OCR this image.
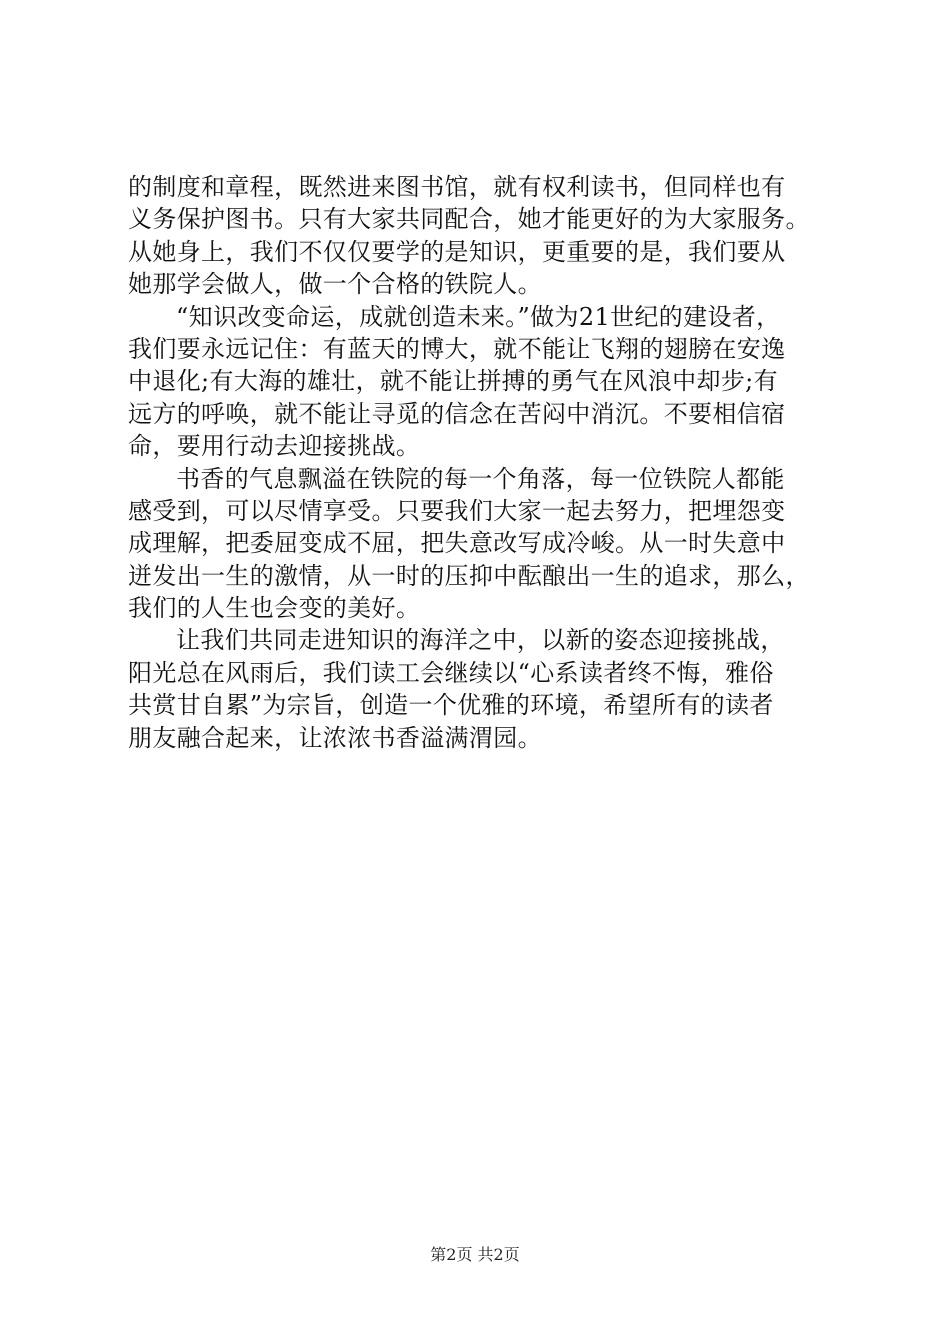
的制度和章程，既然进来图书馆，就有权利读书，但同样也有
义务保护图书。只有大家共同配合，她才能更好的为大家服务。
从她身上，我们不仅仅要学的是知识，更重要的是，我们要从
她那学会做人，做一个合格的铁院人。
“知识改变命运，成就创造未来。”做为21世纪的建设者，
我们要永远记住：有蓝天的博大，就不能让飞翔的翅膀在安逸
中退化;有大海的雄壮，就不能让拼搏的勇气在风浪中却步;有
远方的呼唤，就不能让寻觅的信念在苦闷中消沉。不要相信宿
命，要用行动去迎接挑战。
书香的气息飘溢在铁院的每一个角落，每一位铁院人都能
感受到，可以尽情享受。只要我们大家一起去努力，把埋怨变
成理解，把委屈变成不屈，把失意改写成冷峻。从一时失意中
迸发出一生的激情，从一时的压抑中酝酿出一生的追求，那么，
我们的人生也会变的美好。
让我们共同走进知识的海洋之中，以新的姿态迎接挑战，
阳光总在风雨后，我们读工会继续以“心系读者终不悔，雅俗
共赏甘自累”为宗旨，创造一个优雅的环境，希望所有的读者
朋友融合起来，让浓浓书香溢满渭园。
第2页 共2页
